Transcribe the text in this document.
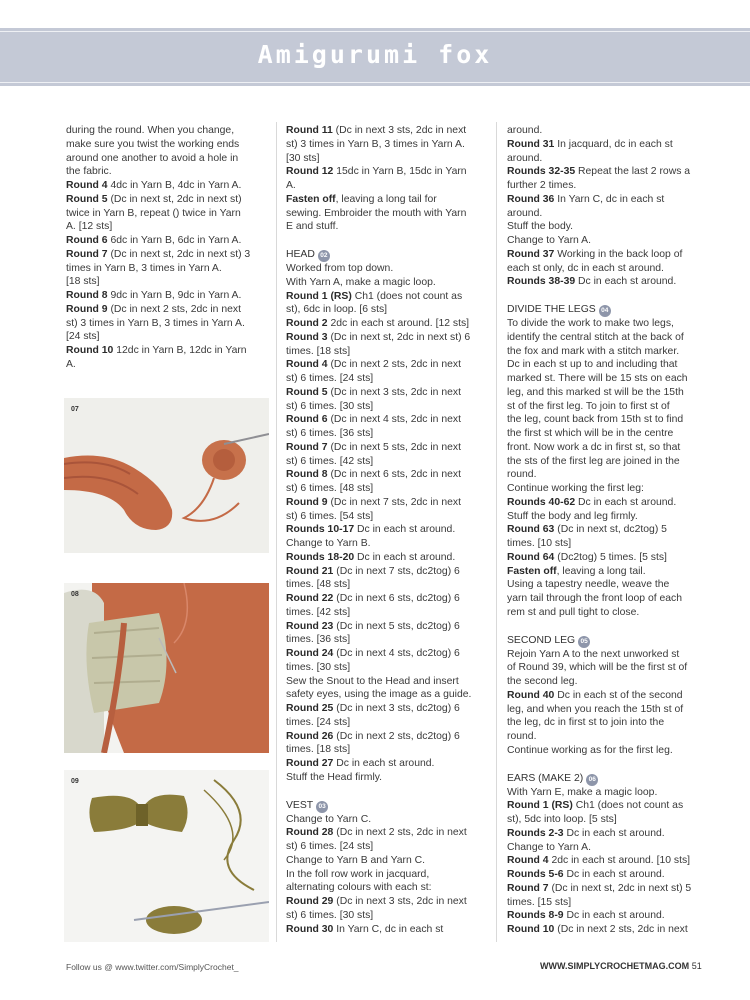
Amigurumi fox
during the round. When you change,
make sure you twist the working ends
around one another to avoid a hole in
the fabric.
Round 4 4dc in Yarn B, 4dc in Yarn A.
Round 5 (Dc in next st, 2dc in next st)
twice in Yarn B, repeat () twice in Yarn
A. [12 sts]
Round 6 6dc in Yarn B, 6dc in Yarn A.
Round 7 (Dc in next st, 2dc in next st) 3
times in Yarn B, 3 times in Yarn A.
[18 sts]
Round 8 9dc in Yarn B, 9dc in Yarn A.
Round 9 (Dc in next 2 sts, 2dc in next
st) 3 times in Yarn B, 3 times in Yarn A.
[24 sts]
Round 10 12dc in Yarn B, 12dc in Yarn
A.
Round 11 (Dc in next 3 sts, 2dc in next
st) 3 times in Yarn B, 3 times in Yarn A.
[30 sts]
Round 12 15dc in Yarn B, 15dc in Yarn
A.
Fasten off, leaving a long tail for
sewing. Embroider the mouth with Yarn
E and stuff.
HEAD 02
Worked from top down.
With Yarn A, make a magic loop.
Round 1 (RS) Ch1 (does not count as
st), 6dc in loop. [6 sts]
Round 2 2dc in each st around. [12 sts]
Round 3 (Dc in next st, 2dc in next st) 6
times. [18 sts]
Round 4 (Dc in next 2 sts, 2dc in next
st) 6 times. [24 sts]
Round 5 (Dc in next 3 sts, 2dc in next
st) 6 times. [30 sts]
Round 6 (Dc in next 4 sts, 2dc in next
st) 6 times. [36 sts]
Round 7 (Dc in next 5 sts, 2dc in next
st) 6 times. [42 sts]
Round 8 (Dc in next 6 sts, 2dc in next
st) 6 times. [48 sts]
Round 9 (Dc in next 7 sts, 2dc in next
st) 6 times. [54 sts]
Rounds 10-17 Dc in each st around.
Change to Yarn B.
Rounds 18-20 Dc in each st around.
Round 21 (Dc in next 7 sts, dc2tog) 6
times. [48 sts]
Round 22 (Dc in next 6 sts, dc2tog) 6
times. [42 sts]
Round 23 (Dc in next 5 sts, dc2tog) 6
times. [36 sts]
Round 24 (Dc in next 4 sts, dc2tog) 6
times. [30 sts]
Sew the Snout to the Head and insert
safety eyes, using the image as a guide.
Round 25 (Dc in next 3 sts, dc2tog) 6
times. [24 sts]
Round 26 (Dc in next 2 sts, dc2tog) 6
times. [18 sts]
Round 27 Dc in each st around.
Stuff the Head firmly.
VEST 03
Change to Yarn C.
Round 28 (Dc in next 2 sts, 2dc in next
st) 6 times. [24 sts]
Change to Yarn B and Yarn C.
In the foll row work in jacquard,
alternating colours with each st:
Round 29 (Dc in next 3 sts, 2dc in next
st) 6 times. [30 sts]
Round 30 In Yarn C, dc in each st
around.
Round 31 In jacquard, dc in each st
around.
Rounds 32-35 Repeat the last 2 rows a
further 2 times.
Round 36 In Yarn C, dc in each st
around.
Stuff the body.
Change to Yarn A.
Round 37 Working in the back loop of
each st only, dc in each st around.
Rounds 38-39 Dc in each st around.
DIVIDE THE LEGS 04
To divide the work to make two legs,
identify the central stitch at the back of
the fox and mark with a stitch marker.
Dc in each st up to and including that
marked st. There will be 15 sts on each
leg, and this marked st will be the 15th
st of the first leg. To join to first st of
the leg, count back from 15th st to find
the first st which will be in the centre
front. Now work a dc in first st, so that
the sts of the first leg are joined in the
round.
Continue working the first leg:
Rounds 40-62 Dc in each st around.
Stuff the body and leg firmly.
Round 63 (Dc in next st, dc2tog) 5
times. [10 sts]
Round 64 (Dc2tog) 5 times. [5 sts]
Fasten off, leaving a long tail.
Using a tapestry needle, weave the
yarn tail through the front loop of each
rem st and pull tight to close.
SECOND LEG 05
Rejoin Yarn A to the next unworked st
of Round 39, which will be the first st of
the second leg.
Round 40 Dc in each st of the second
leg, and when you reach the 15th st of
the leg, dc in first st to join into the
round.
Continue working as for the first leg.
EARS (MAKE 2) 06
With Yarn E, make a magic loop.
Round 1 (RS) Ch1 (does not count as
st), 5dc into loop. [5 sts]
Rounds 2-3 Dc in each st around.
Change to Yarn A.
Round 4 2dc in each st around. [10 sts]
Rounds 5-6 Dc in each st around.
Round 7 (Dc in next st, 2dc in next st) 5
times. [15 sts]
Rounds 8-9 Dc in each st around.
Round 10 (Dc in next 2 sts, 2dc in next
07
08
09
Follow us @ www.twitter.com/SimplyCrochet_	WWW.SIMPLYCROCHETMAG.COM 51
